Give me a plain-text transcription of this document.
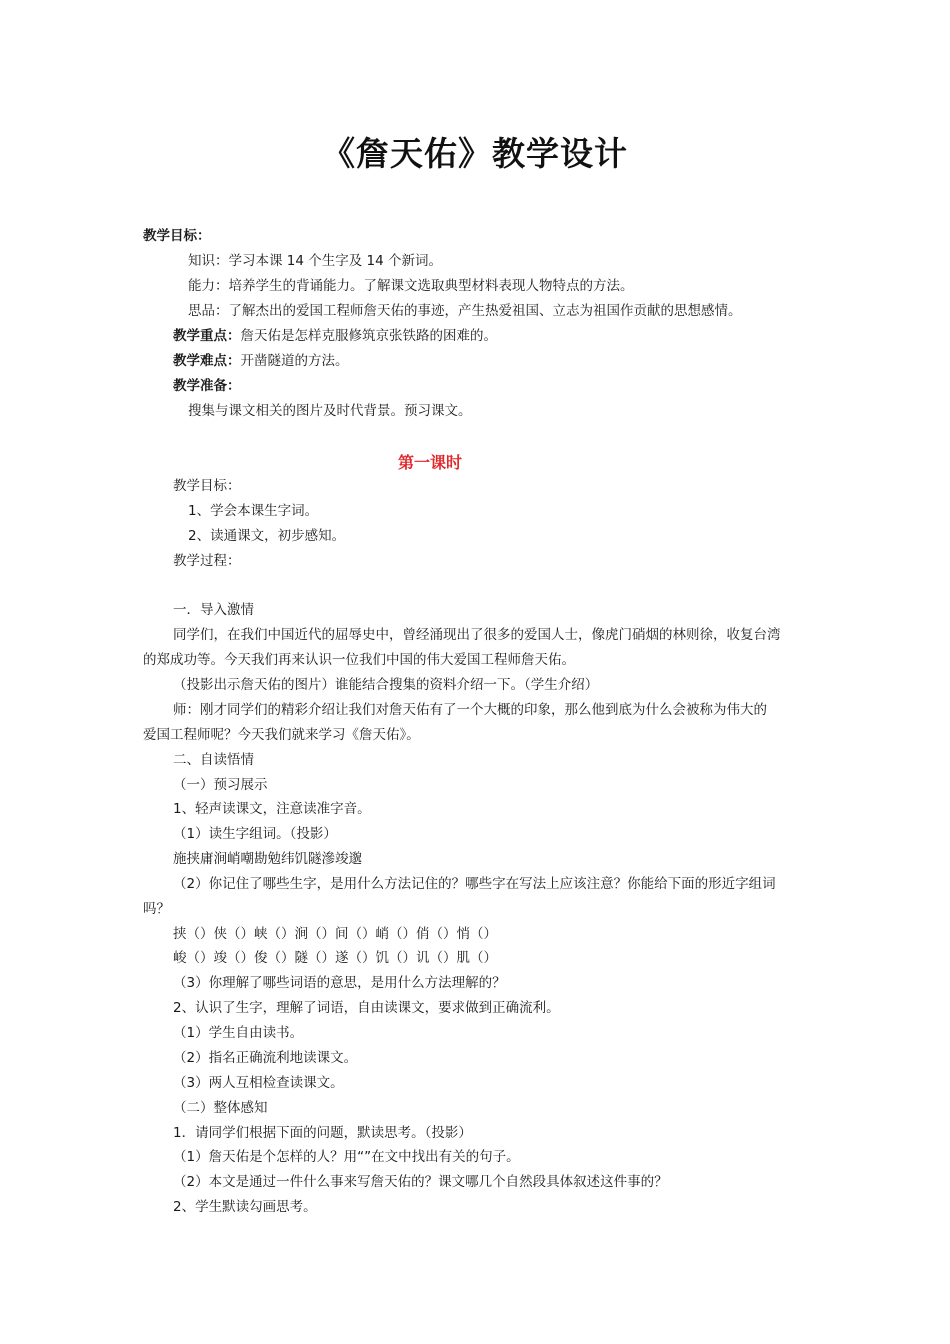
《詹天佑》教学设计
教学目标：
知识：学习本课 14 个生字及 14 个新词。
能力：培养学生的背诵能力。了解课文选取典型材料表现人物特点的方法。
思品：了解杰出的爱国工程师詹天佑的事迹，产生热爱祖国、立志为祖国作贡献的思想感情。
教学重点：詹天佑是怎样克服修筑京张铁路的困难的。
教学难点：开凿隧道的方法。
教学准备：
搜集与课文相关的图片及时代背景。预习课文。
第一课时
教学目标：
1、学会本课生字词。
2、读通课文，初步感知。
教学过程：
一．导入激情
同学们，在我们中国近代的屈辱史中，曾经涌现出了很多的爱国人士，像虎门硝烟的林则徐，收复台湾
的郑成功等。今天我们再来认识一位我们中国的伟大爱国工程师詹天佑。
（投影出示詹天佑的图片）谁能结合搜集的资料介绍一下。（学生介绍）
师：刚才同学们的精彩介绍让我们对詹天佑有了一个大概的印象，那么他到底为什么会被称为伟大的
爱国工程师呢？今天我们就来学习《詹天佑》。
二、自读悟情
（一）预习展示
1、轻声读课文，注意读准字音。
（1）读生字组词。（投影）
施挟庸涧峭嘲勘勉纬饥隧滲竣邈
（2）你记住了哪些生字，是用什么方法记住的？哪些字在写法上应该注意？你能给下面的形近字组词
吗？
挟（）侠（）峡（）涧（）间（）峭（）俏（）悄（）
峻（）竣（）俊（）隧（）遂（）饥（）讥（）肌（）
（3）你理解了哪些词语的意思，是用什么方法理解的？
2、认识了生字，理解了词语，自由读课文，要求做到正确流利。
（1）学生自由读书。
（2）指名正确流利地读课文。
（3）两人互相检查读课文。
（二）整体感知
1．请同学们根据下面的问题，默读思考。（投影）
（1）詹天佑是个怎样的人？用“”在文中找出有关的句子。
（2）本文是通过一件什么事来写詹天佑的？课文哪几个自然段具体叙述这件事的？
2、学生默读勾画思考。
